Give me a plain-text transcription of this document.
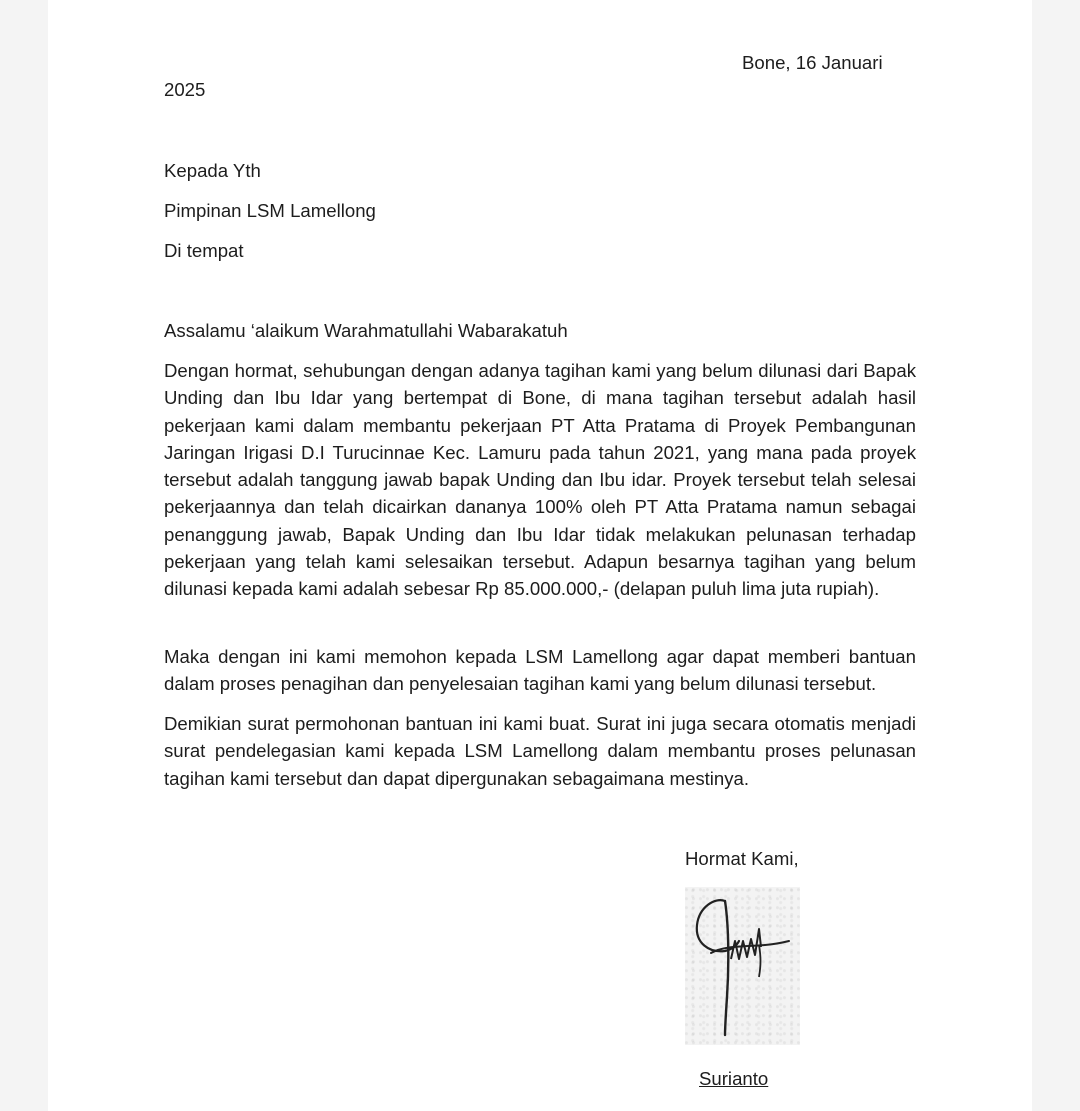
Bone, 16 Januari
2025
Kepada Yth
Pimpinan LSM Lamellong
Di tempat
Assalamu ‘alaikum Warahmatullahi Wabarakatuh
Dengan hormat, sehubungan dengan adanya tagihan kami yang belum dilunasi dari Bapak Unding dan Ibu Idar yang bertempat di Bone, di mana tagihan tersebut adalah hasil pekerjaan kami dalam membantu pekerjaan PT Atta Pratama di Proyek Pembangunan Jaringan Irigasi D.I Turucinnae Kec. Lamuru pada tahun 2021, yang mana pada proyek tersebut adalah tanggung jawab bapak Unding dan Ibu idar. Proyek tersebut telah selesai pekerjaannya dan telah dicairkan dananya 100% oleh PT Atta Pratama namun sebagai penanggung jawab, Bapak Unding dan Ibu Idar tidak melakukan pelunasan terhadap pekerjaan yang telah kami selesaikan tersebut. Adapun besarnya tagihan yang belum dilunasi kepada kami adalah sebesar Rp 85.000.000,- (delapan puluh lima juta rupiah).
Maka dengan ini kami memohon kepada LSM Lamellong agar dapat memberi bantuan dalam proses penagihan dan penyelesaian tagihan kami yang belum dilunasi tersebut.
Demikian surat permohonan bantuan ini kami buat. Surat ini juga secara otomatis menjadi surat pendelegasian kami kepada LSM Lamellong dalam membantu proses pelunasan tagihan kami tersebut dan dapat dipergunakan sebagaimana mestinya.
Hormat Kami,
Surianto
